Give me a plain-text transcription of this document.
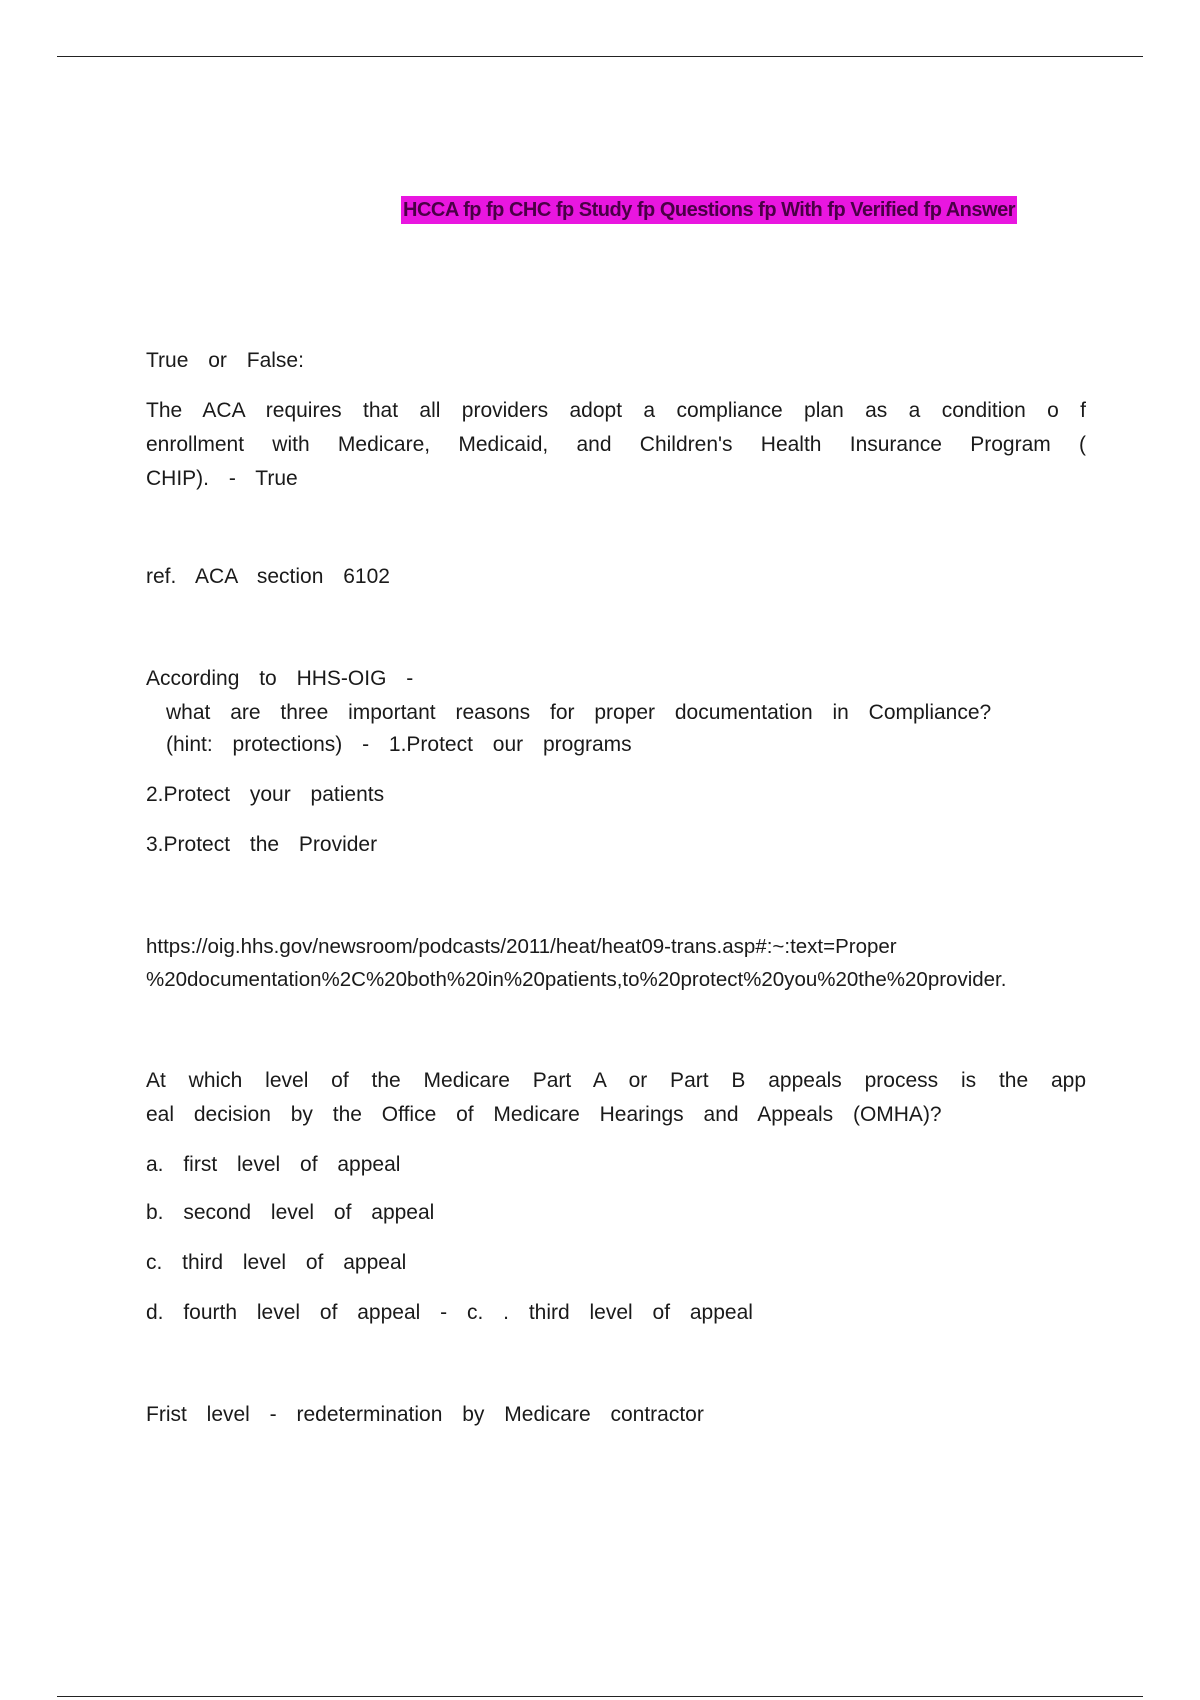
HCCA fp fp CHC fp Study fp Questions fp With fp Verified fp Answer
True or False:
The ACA requires that all providers adopt a compliance plan as a condition o f enrollment with Medicare, Medicaid, and Children's Health Insurance Program ( CHIP). - True
ref. ACA section 6102
According to HHS-OIG -
what are three important reasons for proper documentation in Compliance?
(hint: protections) - 1.Protect our programs
2.Protect your patients
3.Protect the Provider
https://oig.hhs.gov/newsroom/podcasts/2011/heat/heat09-trans.asp#:~:text=Proper %20documentation%2C%20both%20in%20patients,to%20protect%20you%20the%20provider.
At which level of the Medicare Part A or Part B appeals process is the app eal decision by the Office of Medicare Hearings and Appeals (OMHA)?
a. first level of appeal
b. second level of appeal
c. third level of appeal
d. fourth level of appeal - c. . third level of appeal
Frist level - redetermination by Medicare contractor
